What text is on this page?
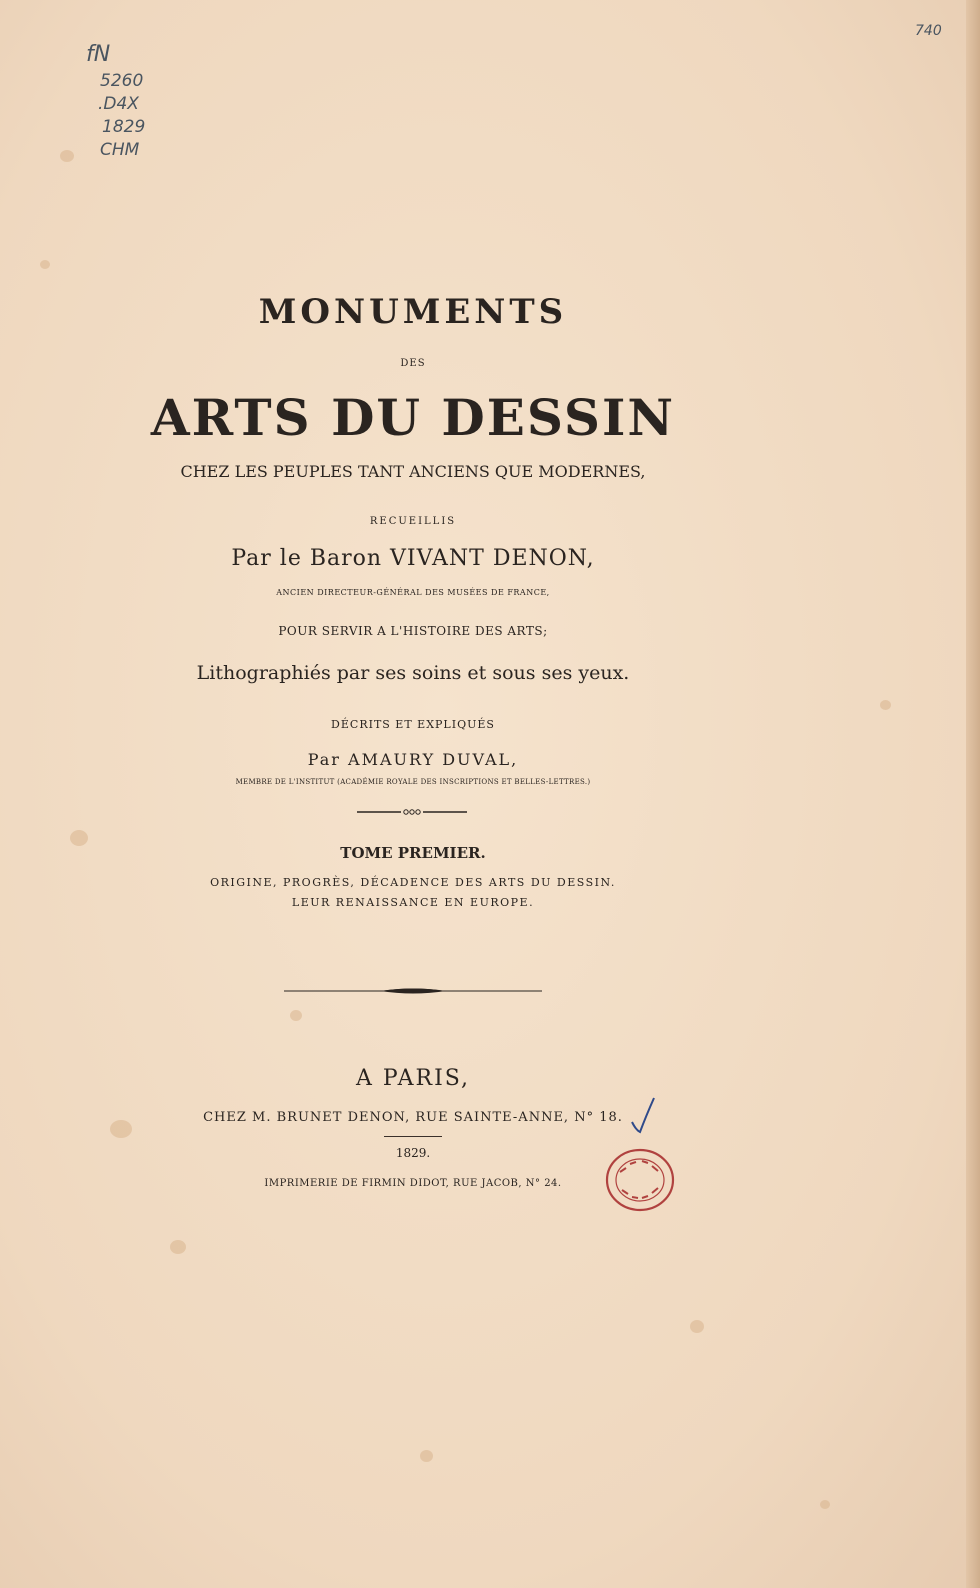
fN
5260
.D4X
1829
CHM
740
MONUMENTS
DES
ARTS DU DESSIN
CHEZ LES PEUPLES TANT ANCIENS QUE MODERNES,
RECUEILLIS
Par le Baron VIVANT DENON,
ANCIEN DIRECTEUR-GÉNÉRAL DES MUSÉES DE FRANCE,
POUR SERVIR A L'HISTOIRE DES ARTS;
Lithographiés par ses soins et sous ses yeux.
DÉCRITS ET EXPLIQUÉS
Par AMAURY DUVAL,
MEMBRE DE L'INSTITUT (ACADÉMIE ROYALE DES INSCRIPTIONS ET BELLES-LETTRES.)
TOME PREMIER.
ORIGINE, PROGRÈS, DÉCADENCE DES ARTS DU DESSIN.
LEUR RENAISSANCE EN EUROPE.
A PARIS,
CHEZ M. BRUNET DENON, RUE SAINTE-ANNE, N° 18.
1829.
IMPRIMERIE DE FIRMIN DIDOT, RUE JACOB, N° 24.
